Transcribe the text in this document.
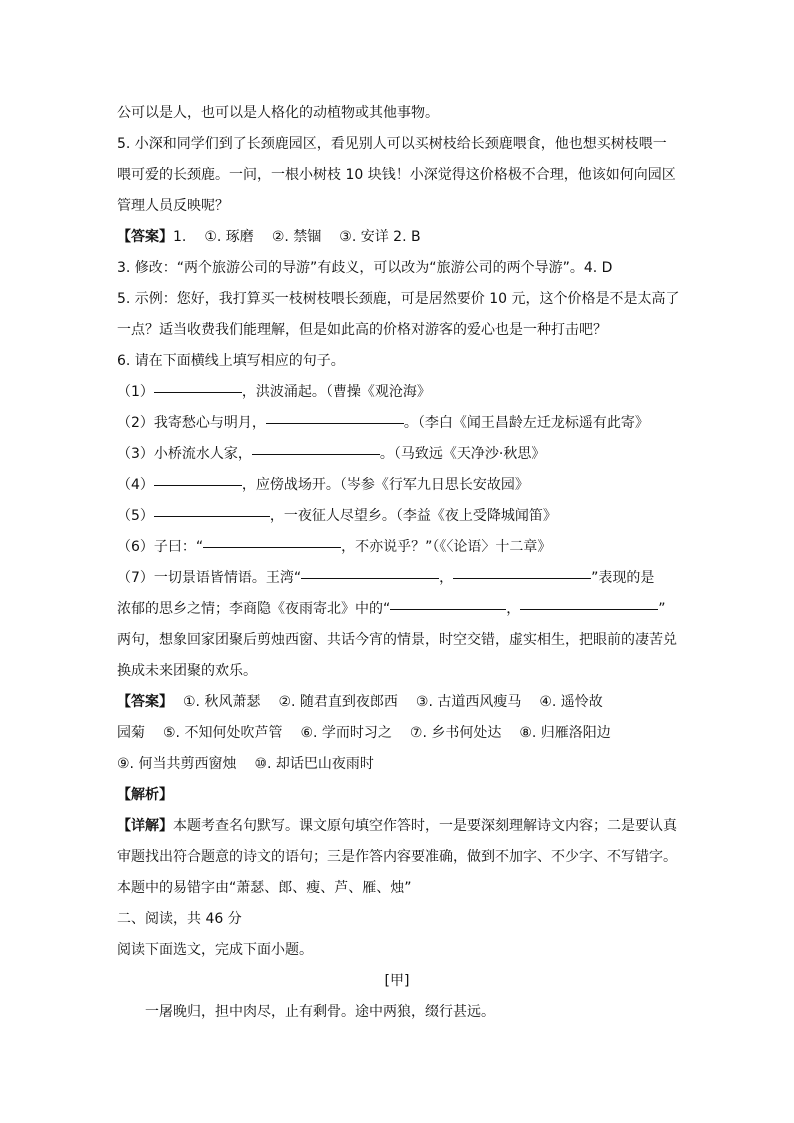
公可以是人，也可以是人格化的动植物或其他事物。
5. 小深和同学们到了长颈鹿园区，看见别人可以买树枝给长颈鹿喂食，他也想买树枝喂一
喂可爱的长颈鹿。一问，一根小树枝 10 块钱！小深觉得这价格极不合理，他该如何向园区
管理人员反映呢？
【答案】1. ①. 琢磨 ②. 禁锢 ③. 安详 2. B
3. 修改：“两个旅游公司的导游”有歧义，可以改为“旅游公司的两个导游”。4. D
5. 示例：您好，我打算买一枝树枝喂长颈鹿，可是居然要价 10 元，这个价格是不是太高了
一点？适当收费我们能理解，但是如此高的价格对游客的爱心也是一种打击吧？
6. 请在下面横线上填写相应的句子。
（1）	，洪波涌起。（曹操《观沧海》
（2）我寄愁心与明月，	。（李白《闻王昌龄左迁龙标遥有此寄》
（3）小桥流水人家，	。（马致远《天净沙·秋思》
（4）	，应傍战场开。（岑参《行军九日思长安故园》
（5）	，一夜征人尽望乡。（李益《夜上受降城闻笛》
（6）子曰：“	，不亦说乎？”（《〈论语〉十二章》
（7）一切景语皆情语。王湾“	，	”表现的是
浓郁的思乡之情；李商隐《夜雨寄北》中的“	，	”
两句，想象回家团聚后剪烛西窗、共话今宵的情景，时空交错，虚实相生，把眼前的凄苦兑
换成未来团聚的欢乐。
【答案】 ①. 秋风萧瑟 ②. 随君直到夜郎西 ③. 古道西风瘦马 ④. 遥怜故
园菊 ⑤. 不知何处吹芦管 ⑥. 学而时习之 ⑦. 乡书何处达 ⑧. 归雁洛阳边
⑨. 何当共剪西窗烛 ⑩. 却话巴山夜雨时
【解析】
【详解】本题考查名句默写。课文原句填空作答时，一是要深刻理解诗文内容；二是要认真
审题找出符合题意的诗文的语句；三是作答内容要准确，做到不加字、不少字、不写错字。
本题中的易错字由“萧瑟、郎、瘦、芦、雁、烛”
二、阅读，共 46 分
阅读下面选文，完成下面小题。
[甲]
一屠晚归，担中肉尽，止有剩骨。途中两狼，缀行甚远。
